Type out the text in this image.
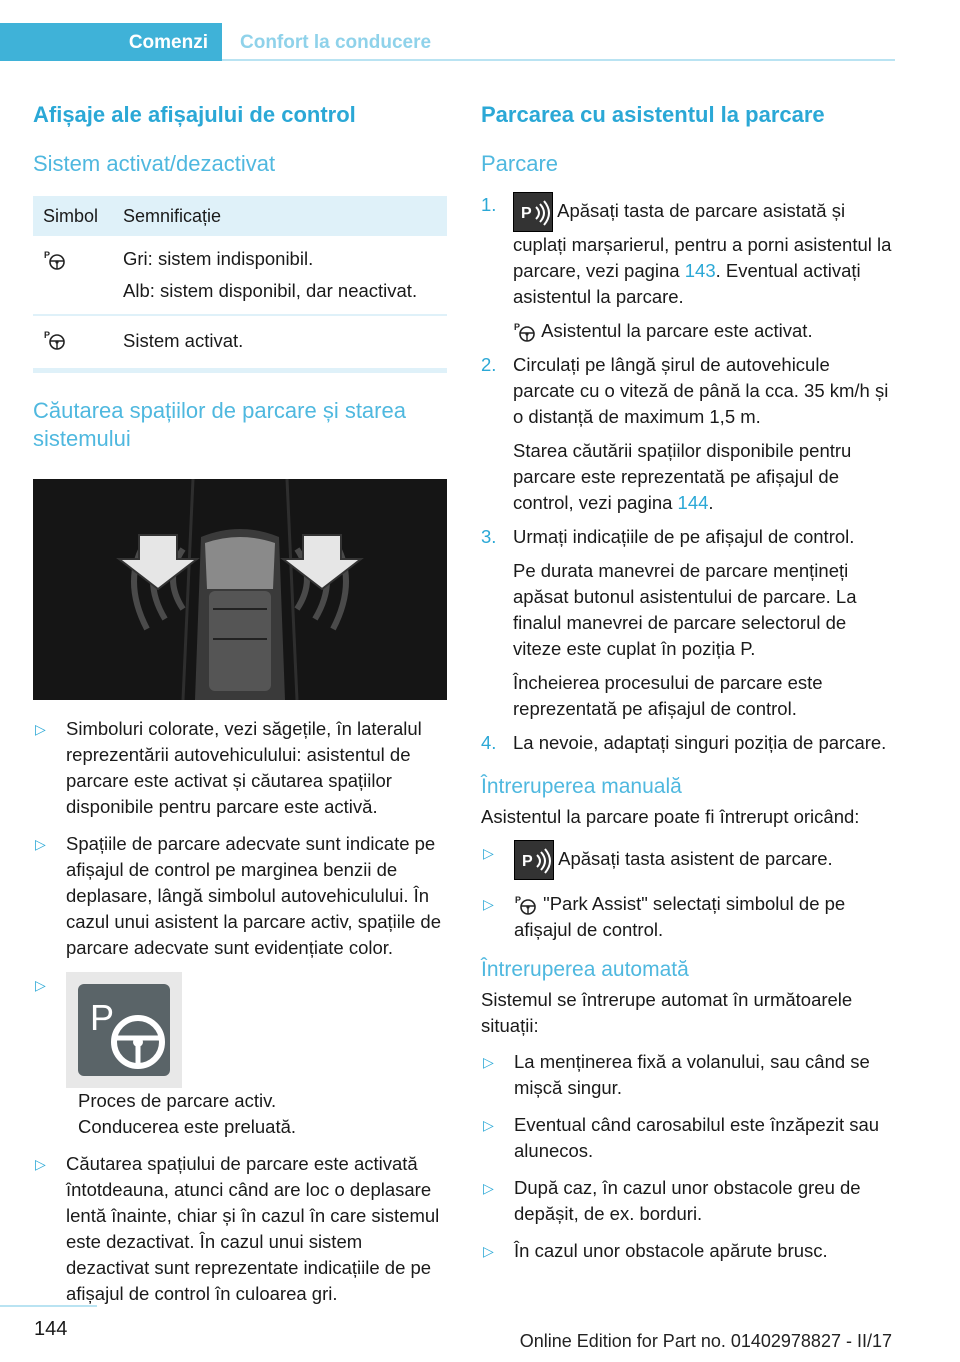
Comenzi	Confort la conducere
Afișaje ale afișajului de control
Sistem activat/dezactivat
Simbol	Semnificație

P	Gri: sistem indisponibil.
Alb: sistem disponibil, dar neactivat.

P	Sistem activat.
Căutarea spațiilor de parcare și starea sistemului
▷ Simboluri colorate, vezi săgețile, în lateralul reprezentării autovehiculului: asistentul de parcare este activat și căutarea spațiilor disponibile pentru parcare este activă.
▷ Spațiile de parcare adecvate sunt indicate pe afișajul de control pe marginea benzii de deplasare, lângă simbolul autovehiculului. În cazul unui asistent la parcare activ, spațiile de parcare adecvate sunt evidențiate color.
▷
P
Proces de parcare activ. Conducerea este preluată.
▷ Căutarea spațiului de parcare este activată întotdeauna, atunci când are loc o deplasare lentă înainte, chiar și în cazul în care sistemul este dezactivat. În cazul unui sistem dezactivat sunt reprezentate indicațiile de pe afișajul de control în culoarea gri.
Parcarea cu asistentul la parcare
Parcare
1. P Apăsați tasta de parcare asistată și cuplați marșarierul, pentru a porni asistentul la parcare, vezi pagina 143. Eventual activați asistentul la parcare.
P Asistentul la parcare este activat.
2. Circulați pe lângă șirul de autovehicule parcate cu o viteză de până la cca. 35 km/h și o distanță de maximum 1,5 m.
Starea căutării spațiilor disponibile pentru parcare este reprezentată pe afișajul de control, vezi pagina 144.
3. Urmați indicațiile de pe afișajul de control.
Pe durata manevrei de parcare mențineți apăsat butonul asistentului de parcare. La finalul manevrei de parcare selectorul de viteze este cuplat în poziția P.
Încheierea procesului de parcare este reprezentată pe afișajul de control.
4. La nevoie, adaptați singuri poziția de parcare.
Întreruperea manuală

Asistentul la parcare poate fi întrerupt oricând:

▷ P Apăsați tasta asistent de parcare.
▷ P "Park Assist" selectați simbolul de pe afișajul de control.
Întreruperea automată

Sistemul se întrerupe automat în următoarele situații:

▷ La menținerea fixă a volanului, sau când se mișcă singur.
▷ Eventual când carosabilul este înzăpezit sau alunecos.
▷ După caz, în cazul unor obstacole greu de depășit, de ex. borduri.
▷ În cazul unor obstacole apărute brusc.
144
Online Edition for Part no. 01402978827 - II/17
